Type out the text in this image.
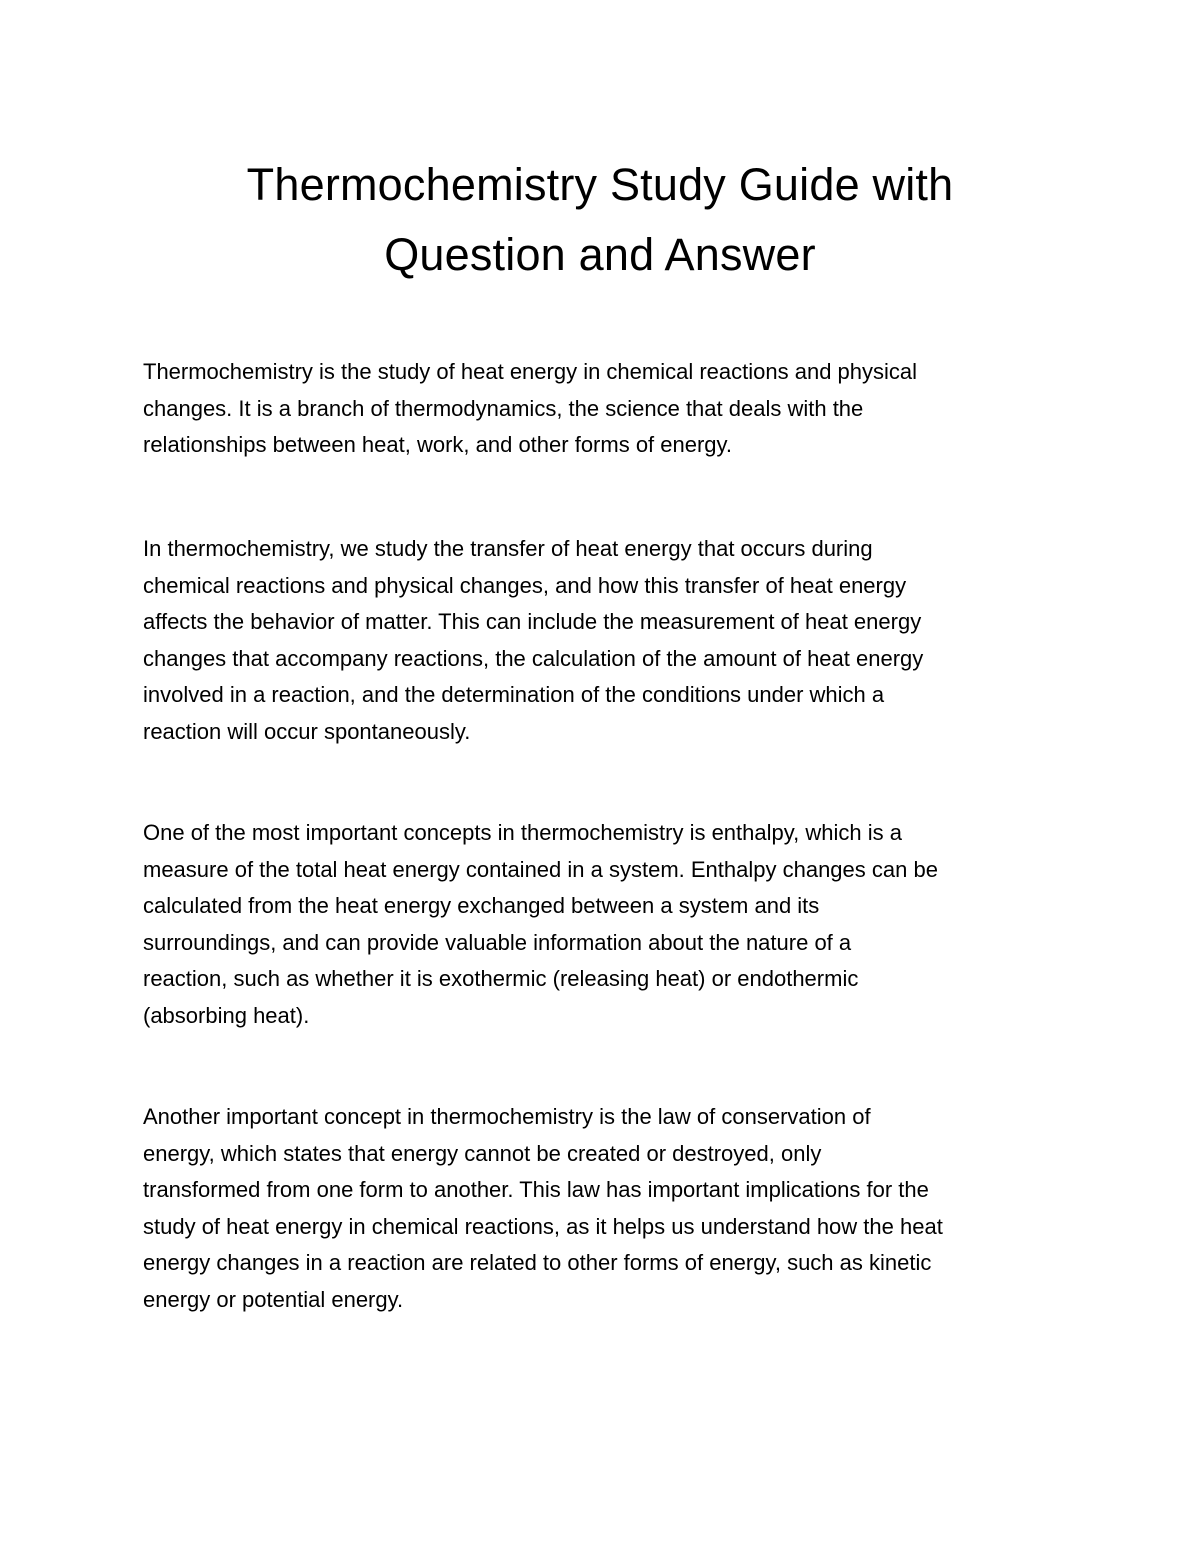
Thermochemistry Study Guide with
Question and Answer

Thermochemistry is the study of heat energy in chemical reactions and physical
changes. It is a branch of thermodynamics, the science that deals with the
relationships between heat, work, and other forms of energy.

In thermochemistry, we study the transfer of heat energy that occurs during
chemical reactions and physical changes, and how this transfer of heat energy
affects the behavior of matter. This can include the measurement of heat energy
changes that accompany reactions, the calculation of the amount of heat energy
involved in a reaction, and the determination of the conditions under which a
reaction will occur spontaneously.

One of the most important concepts in thermochemistry is enthalpy, which is a
measure of the total heat energy contained in a system. Enthalpy changes can be
calculated from the heat energy exchanged between a system and its
surroundings, and can provide valuable information about the nature of a
reaction, such as whether it is exothermic (releasing heat) or endothermic
(absorbing heat).

Another important concept in thermochemistry is the law of conservation of
energy, which states that energy cannot be created or destroyed, only
transformed from one form to another. This law has important implications for the
study of heat energy in chemical reactions, as it helps us understand how the heat
energy changes in a reaction are related to other forms of energy, such as kinetic
energy or potential energy.
